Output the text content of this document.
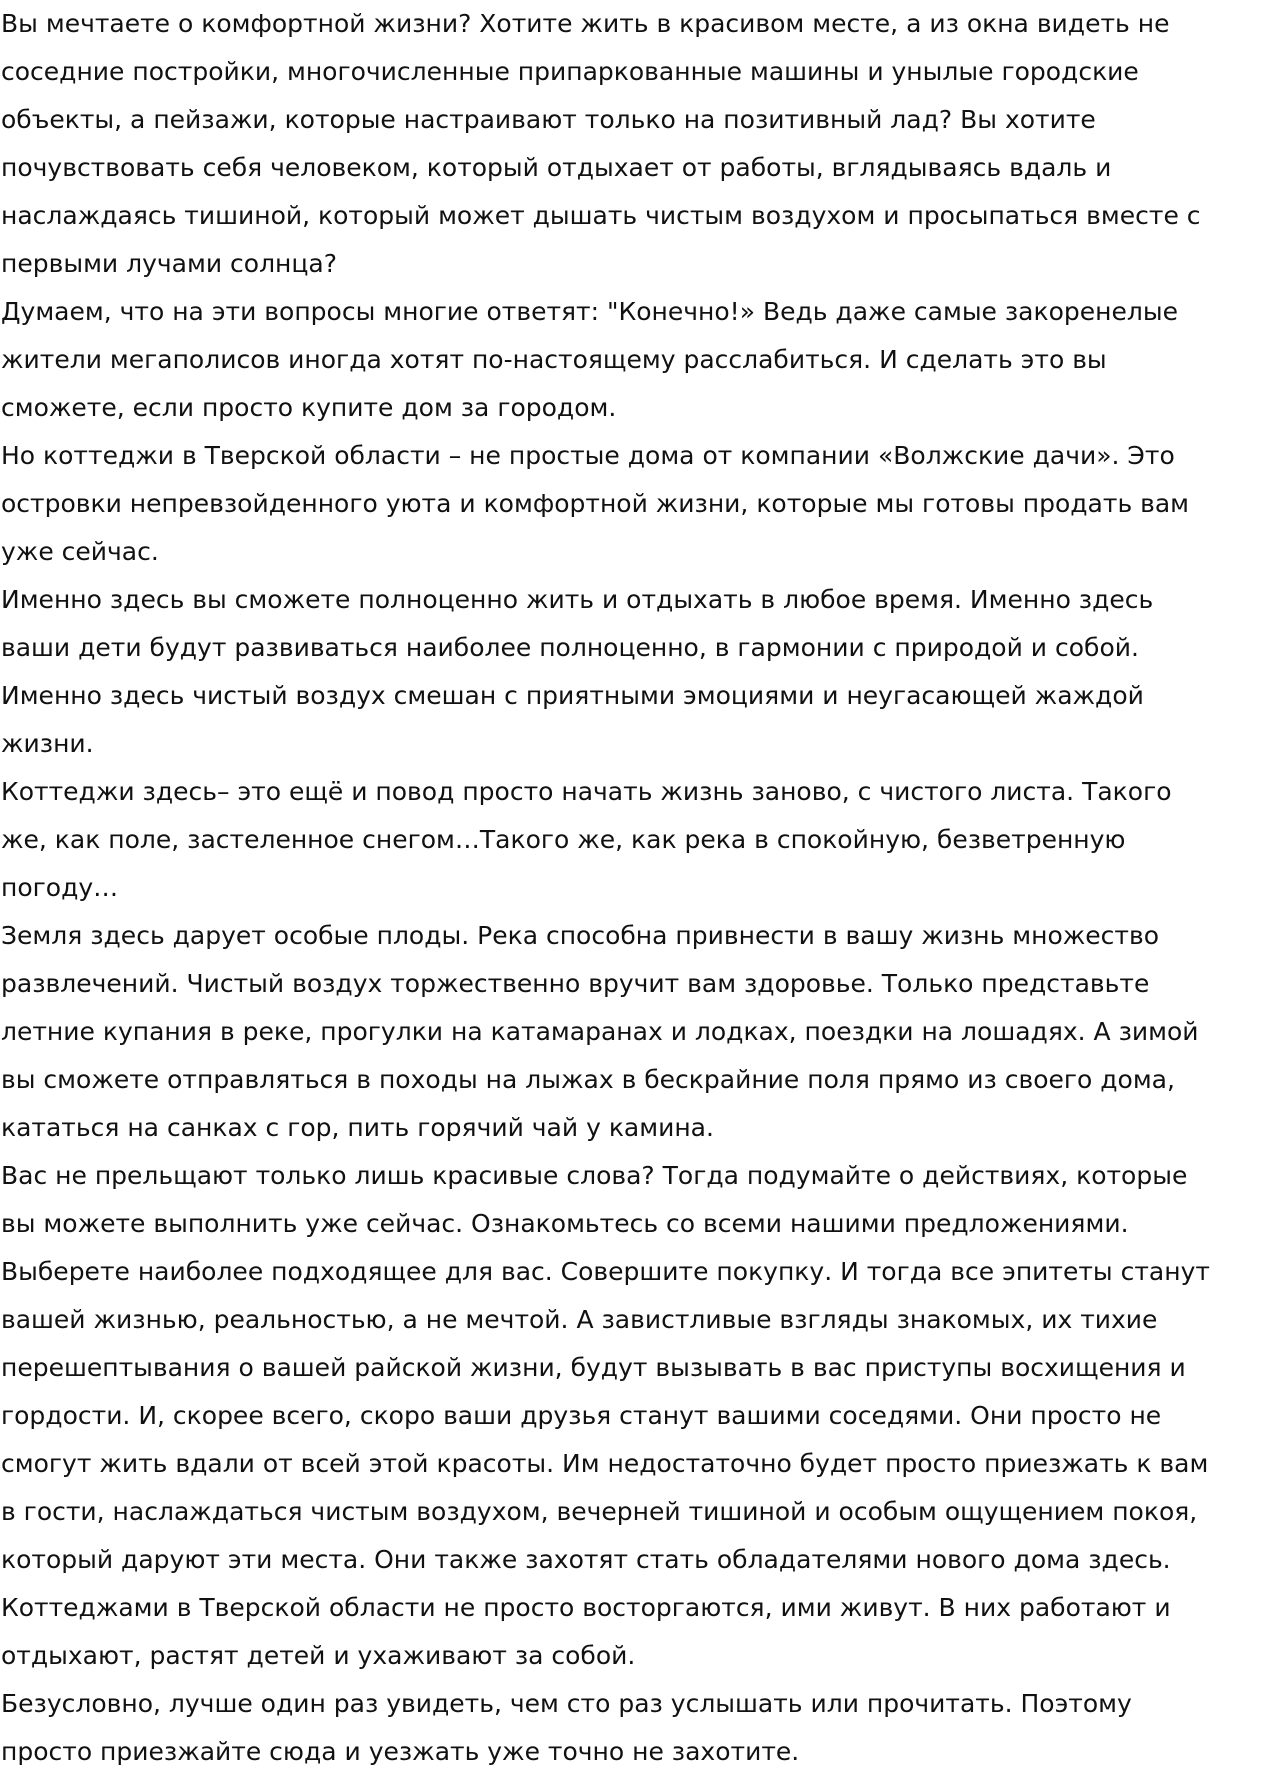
Вы мечтаете о комфортной жизни? Хотите жить в красивом месте, а из окна видеть не
соседние постройки, многочисленные припаркованные машины и унылые городские
объекты, а пейзажи, которые настраивают только на позитивный лад? Вы хотите
почувствовать себя человеком, который отдыхает от работы, вглядываясь вдаль и
наслаждаясь тишиной, который может дышать чистым воздухом и просыпаться вместе с
первыми лучами солнца?

Думаем, что на эти вопросы многие ответят: "Конечно!» Ведь даже самые закоренелые
жители мегаполисов иногда хотят по-настоящему расслабиться. И сделать это вы
сможете, если просто купите дом за городом.

Но коттеджи в Тверской области – не простые дома от компании «Волжские дачи». Это
островки непревзойденного уюта и комфортной жизни, которые мы готовы продать вам
уже сейчас.

Именно здесь вы сможете полноценно жить и отдыхать в любое время. Именно здесь
ваши дети будут развиваться наиболее полноценно, в гармонии с природой и собой.
Именно здесь чистый воздух смешан с приятными эмоциями и неугасающей жаждой
жизни.

Коттеджи здесь– это ещё и повод просто начать жизнь заново, с чистого листа. Такого
же, как поле, застеленное снегом…Такого же, как река в спокойную, безветренную
погоду…

Земля здесь дарует особые плоды. Река способна привнести в вашу жизнь множество
развлечений. Чистый воздух торжественно вручит вам здоровье. Только представьте
летние купания в реке, прогулки на катамаранах и лодках, поездки на лошадях. А зимой
вы сможете отправляться в походы на лыжах в бескрайние поля прямо из своего дома,
кататься на санках с гор, пить горячий чай у камина.

Вас не прельщают только лишь красивые слова? Тогда подумайте о действиях, которые
вы можете выполнить уже сейчас. Ознакомьтесь со всеми нашими предложениями.
Выберете наиболее подходящее для вас. Совершите покупку. И тогда все эпитеты станут
вашей жизнью, реальностью, а не мечтой. А завистливые взгляды знакомых, их тихие
перешептывания о вашей райской жизни, будут вызывать в вас приступы восхищения и
гордости. И, скорее всего, скоро ваши друзья станут вашими соседями. Они просто не
смогут жить вдали от всей этой красоты. Им недостаточно будет просто приезжать к вам
в гости, наслаждаться чистым воздухом, вечерней тишиной и особым ощущением покоя,
который даруют эти места. Они также захотят стать обладателями нового дома здесь.

Коттеджами в Тверской области не просто восторгаются, ими живут. В них работают и
отдыхают, растят детей и ухаживают за собой.

Безусловно, лучше один раз увидеть, чем сто раз услышать или прочитать. Поэтому
просто приезжайте сюда и уезжать уже точно не захотите.
